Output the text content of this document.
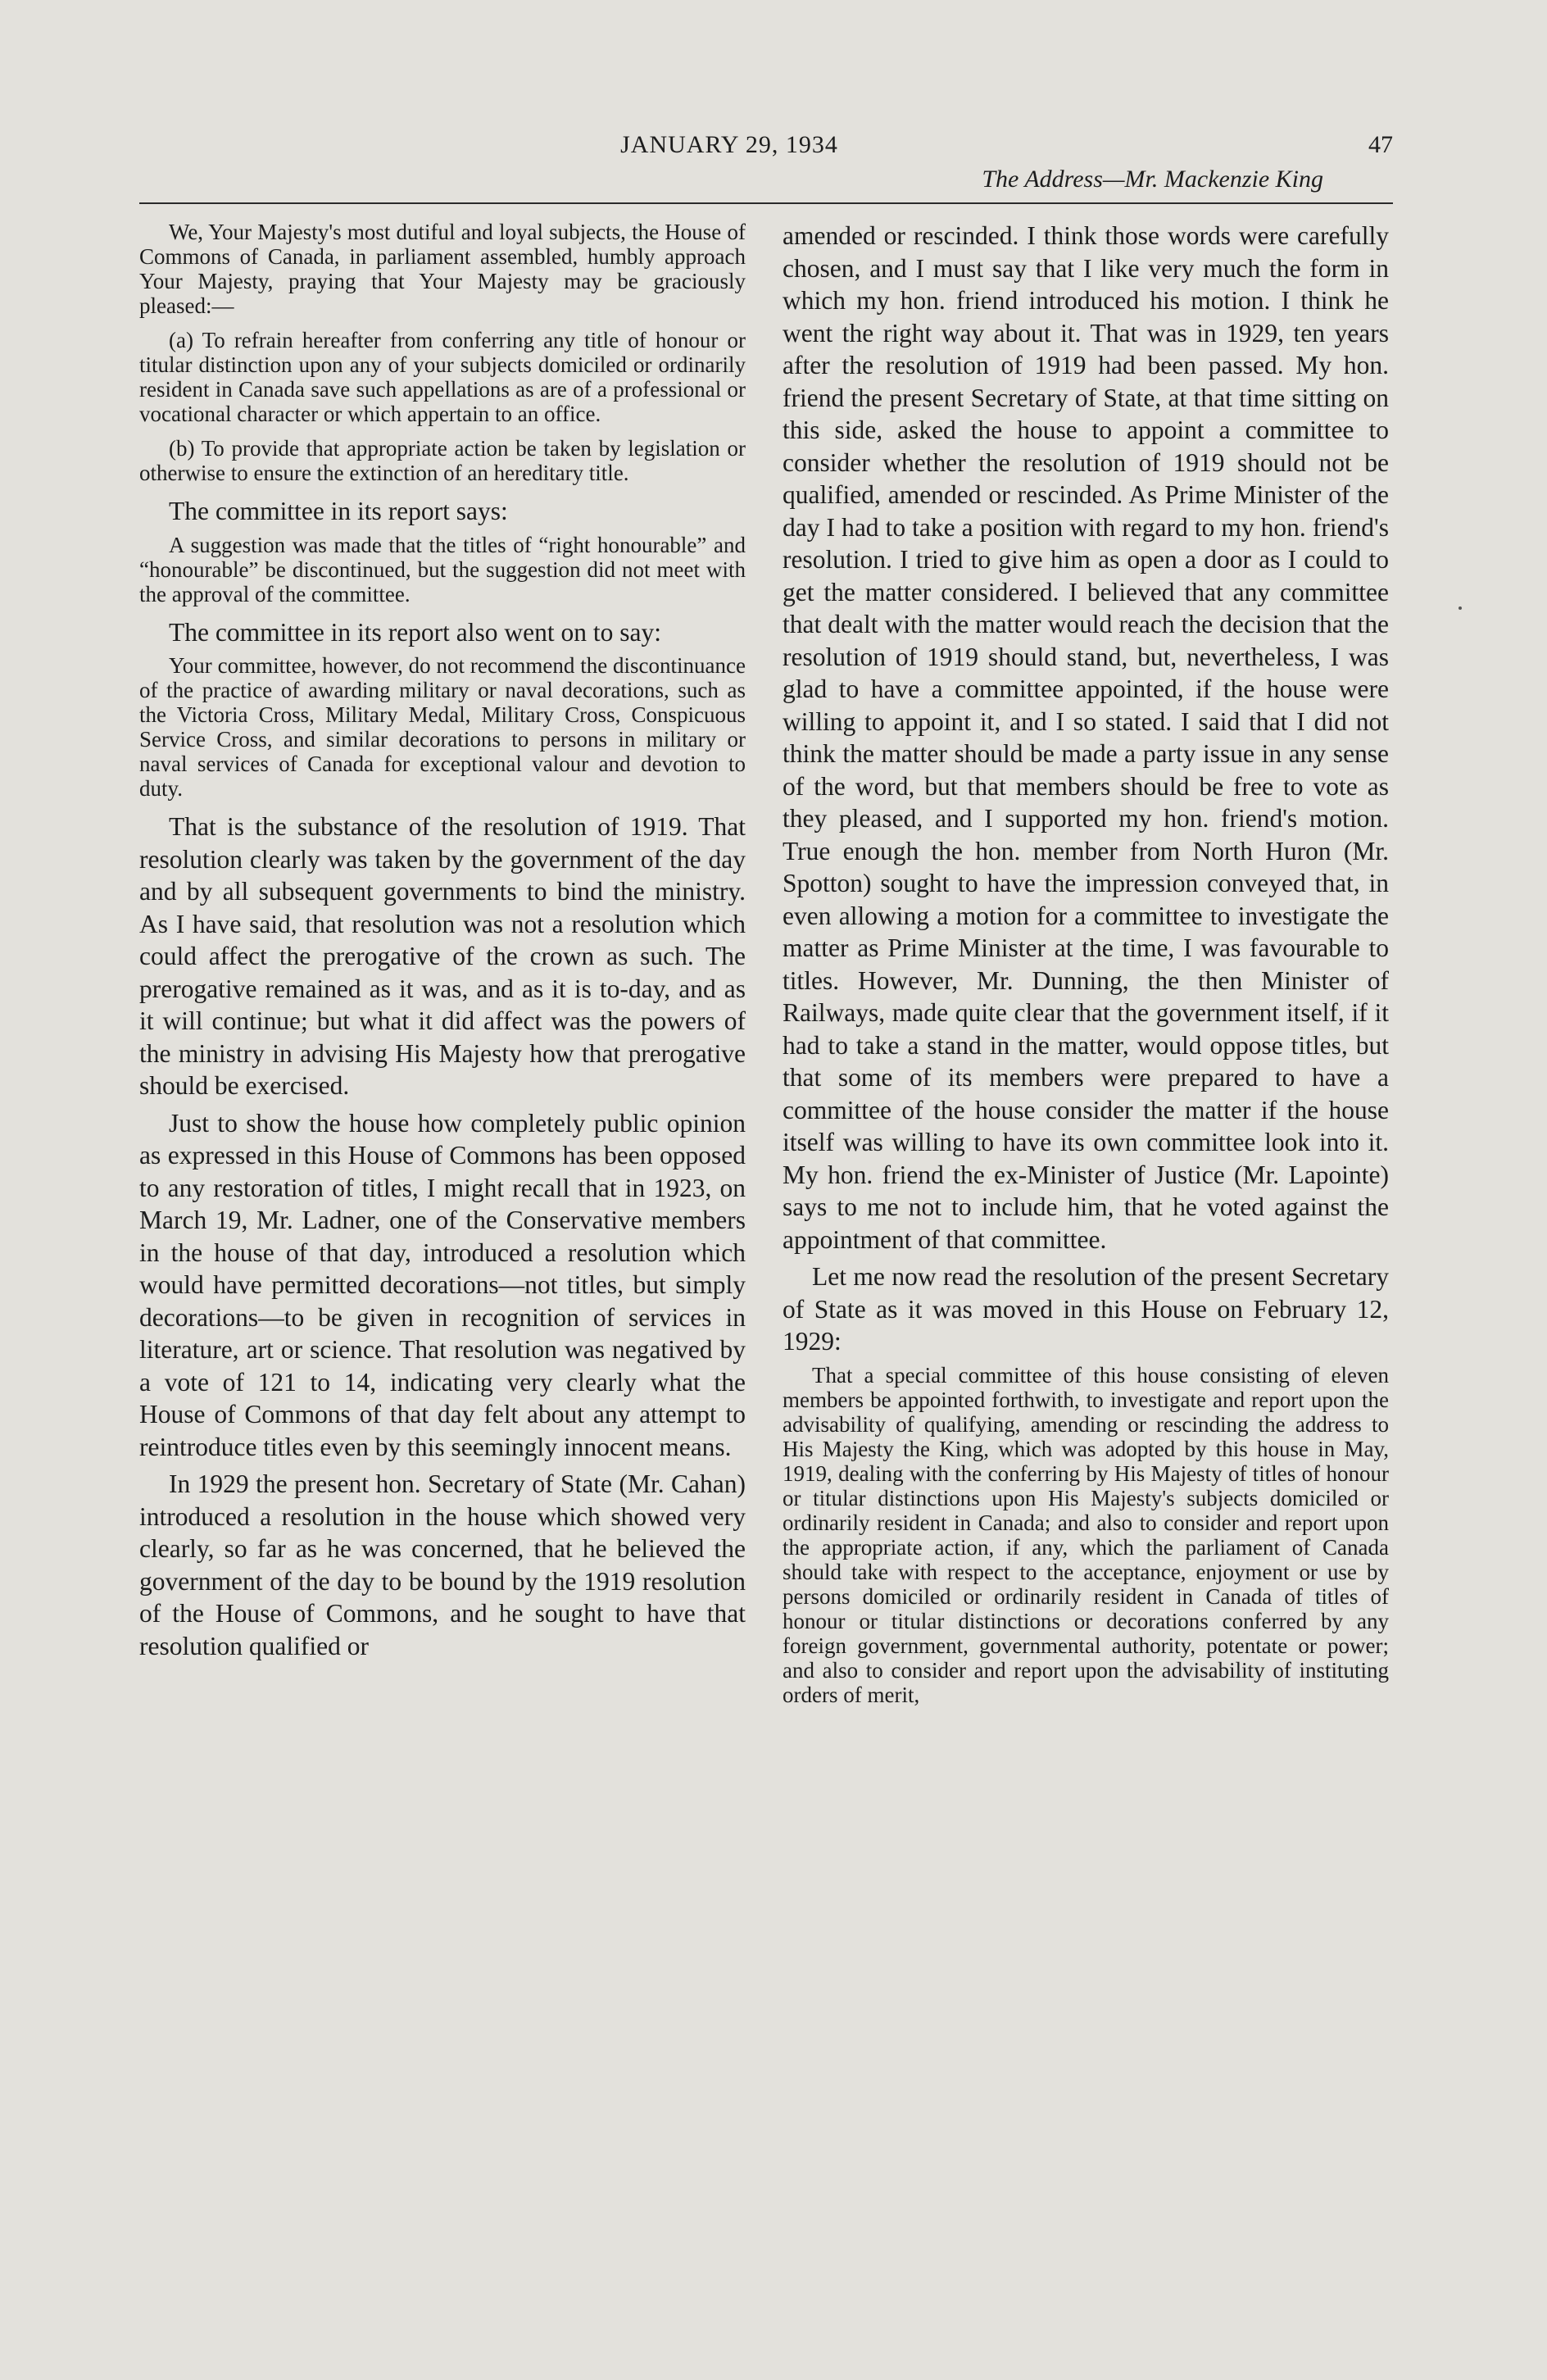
JANUARY 29, 1934	47
The Address—Mr. Mackenzie King

We, Your Majesty's most dutiful and loyal subjects, the House of Commons of Canada, in parliament assembled, humbly approach Your Majesty, praying that Your Majesty may be graciously pleased:—

(a) To refrain hereafter from conferring any title of honour or titular distinction upon any of your subjects domiciled or ordinarily resident in Canada save such appellations as are of a professional or vocational character or which appertain to an office.

(b) To provide that appropriate action be taken by legislation or otherwise to ensure the extinction of an hereditary title.

The committee in its report says:

A suggestion was made that the titles of “right honourable” and “honourable” be discontinued, but the suggestion did not meet with the approval of the committee.

The committee in its report also went on to say:

Your committee, however, do not recommend the discontinuance of the practice of awarding military or naval decorations, such as the Victoria Cross, Military Medal, Military Cross, Conspicuous Service Cross, and similar decorations to persons in military or naval services of Canada for exceptional valour and devotion to duty.

That is the substance of the resolution of 1919. That resolution clearly was taken by the government of the day and by all subsequent governments to bind the ministry. As I have said, that resolution was not a resolution which could affect the prerogative of the crown as such. The prerogative remained as it was, and as it is to-day, and as it will continue; but what it did affect was the powers of the ministry in advising His Majesty how that prerogative should be exercised.

Just to show the house how completely public opinion as expressed in this House of Commons has been opposed to any restoration of titles, I might recall that in 1923, on March 19, Mr. Ladner, one of the Conservative members in the house of that day, introduced a resolution which would have permitted decorations—not titles, but simply decorations—to be given in recognition of services in literature, art or science. That resolution was negatived by a vote of 121 to 14, indicating very clearly what the House of Commons of that day felt about any attempt to reintroduce titles even by this seemingly innocent means.

In 1929 the present hon. Secretary of State (Mr. Cahan) introduced a resolution in the house which showed very clearly, so far as he was concerned, that he believed the government of the day to be bound by the 1919 resolution of the House of Commons, and he sought to have that resolution qualified or

amended or rescinded. I think those words were carefully chosen, and I must say that I like very much the form in which my hon. friend introduced his motion. I think he went the right way about it. That was in 1929, ten years after the resolution of 1919 had been passed. My hon. friend the present Secretary of State, at that time sitting on this side, asked the house to appoint a committee to consider whether the resolution of 1919 should not be qualified, amended or rescinded. As Prime Minister of the day I had to take a position with regard to my hon. friend's resolution. I tried to give him as open a door as I could to get the matter considered. I believed that any committee that dealt with the matter would reach the decision that the resolution of 1919 should stand, but, nevertheless, I was glad to have a committee appointed, if the house were willing to appoint it, and I so stated. I said that I did not think the matter should be made a party issue in any sense of the word, but that members should be free to vote as they pleased, and I supported my hon. friend's motion. True enough the hon. member from North Huron (Mr. Spotton) sought to have the impression conveyed that, in even allowing a motion for a committee to investigate the matter as Prime Minister at the time, I was favourable to titles. However, Mr. Dunning, the then Minister of Railways, made quite clear that the government itself, if it had to take a stand in the matter, would oppose titles, but that some of its members were prepared to have a committee of the house consider the matter if the house itself was willing to have its own committee look into it. My hon. friend the ex-Minister of Justice (Mr. Lapointe) says to me not to include him, that he voted against the appointment of that committee.

Let me now read the resolution of the present Secretary of State as it was moved in this House on February 12, 1929:

That a special committee of this house consisting of eleven members be appointed forthwith, to investigate and report upon the advisability of qualifying, amending or rescinding the address to His Majesty the King, which was adopted by this house in May, 1919, dealing with the conferring by His Majesty of titles of honour or titular distinctions upon His Majesty's subjects domiciled or ordinarily resident in Canada; and also to consider and report upon the appropriate action, if any, which the parliament of Canada should take with respect to the acceptance, enjoyment or use by persons domiciled or ordinarily resident in Canada of titles of honour or titular distinctions or decorations conferred by any foreign government, governmental authority, potentate or power; and also to consider and report upon the advisability of instituting orders of merit,
